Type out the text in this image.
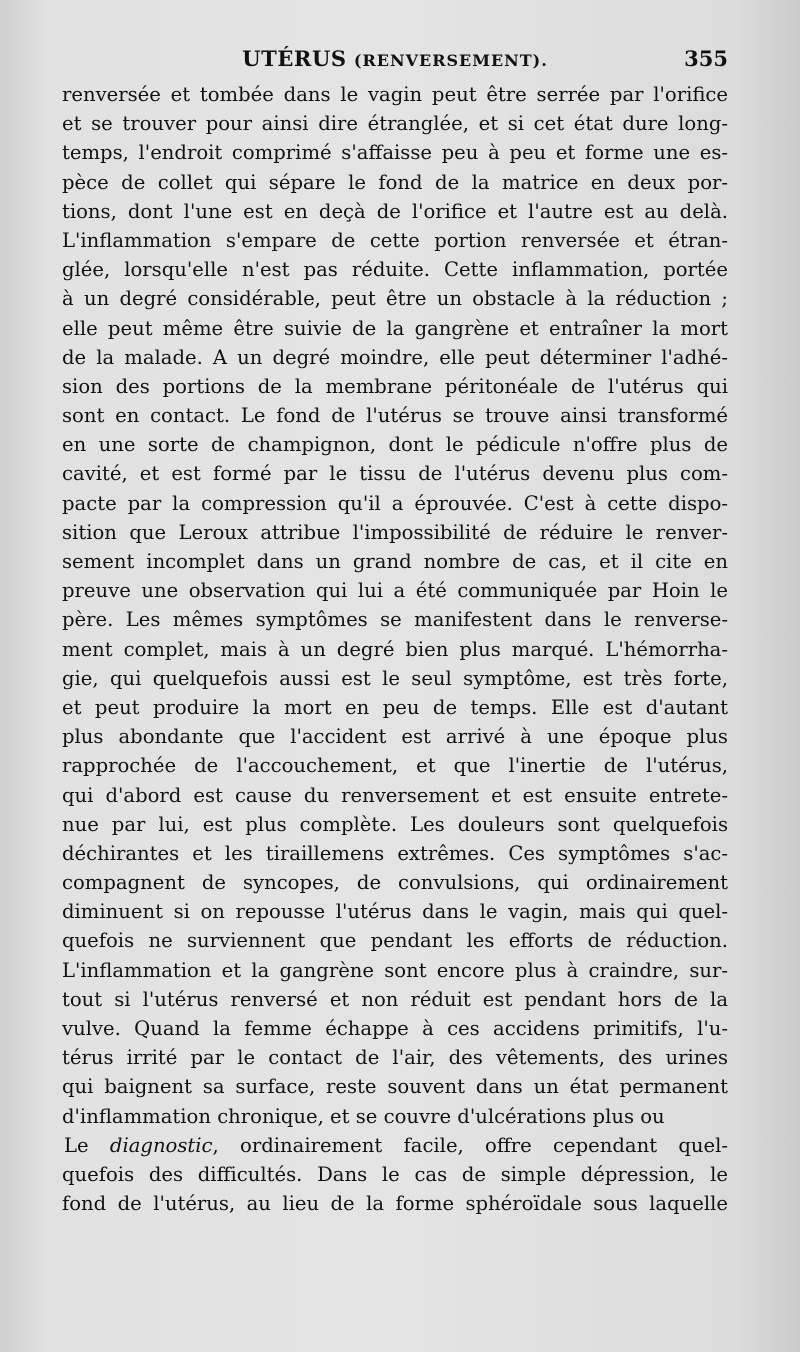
UTÉRUS (RENVERSEMENT).	355
renversée et tombée dans le vagin peut être serrée par l'orifice
et se trouver pour ainsi dire étranglée, et si cet état dure long-
temps, l'endroit comprimé s'affaisse peu à peu et forme une es-
pèce de collet qui sépare le fond de la matrice en deux por-
tions, dont l'une est en deçà de l'orifice et l'autre est au delà.
L'inflammation s'empare de cette portion renversée et étran-
glée, lorsqu'elle n'est pas réduite. Cette inflammation, portée
à un degré considérable, peut être un obstacle à la réduction ;
elle peut même être suivie de la gangrène et entraîner la mort
de la malade. A un degré moindre, elle peut déterminer l'adhé-
sion des portions de la membrane péritonéale de l'utérus qui
sont en contact. Le fond de l'utérus se trouve ainsi transformé
en une sorte de champignon, dont le pédicule n'offre plus de
cavité, et est formé par le tissu de l'utérus devenu plus com-
pacte par la compression qu'il a éprouvée. C'est à cette dispo-
sition que Leroux attribue l'impossibilité de réduire le renver-
sement incomplet dans un grand nombre de cas, et il cite en
preuve une observation qui lui a été communiquée par Hoin le
père. Les mêmes symptômes se manifestent dans le renverse-
ment complet, mais à un degré bien plus marqué. L'hémorrha-
gie, qui quelquefois aussi est le seul symptôme, est très forte,
et peut produire la mort en peu de temps. Elle est d'autant
plus abondante que l'accident est arrivé à une époque plus
rapprochée de l'accouchement, et que l'inertie de l'utérus,
qui d'abord est cause du renversement et est ensuite entrete-
nue par lui, est plus complète. Les douleurs sont quelquefois
déchirantes et les tiraillemens extrêmes. Ces symptômes s'ac-
compagnent de syncopes, de convulsions, qui ordinairement
diminuent si on repousse l'utérus dans le vagin, mais qui quel-
quefois ne surviennent que pendant les efforts de réduction.
L'inflammation et la gangrène sont encore plus à craindre, sur-
tout si l'utérus renversé et non réduit est pendant hors de la
vulve. Quand la femme échappe à ces accidens primitifs, l'u-
térus irrité par le contact de l'air, des vêtements, des urines
qui baignent sa surface, reste souvent dans un état permanent
d'inflammation chronique, et se couvre d'ulcérations plus ou
Le diagnostic, ordinairement facile, offre cependant quel-
quefois des difficultés. Dans le cas de simple dépression, le
fond de l'utérus, au lieu de la forme sphéroïdale sous laquelle
